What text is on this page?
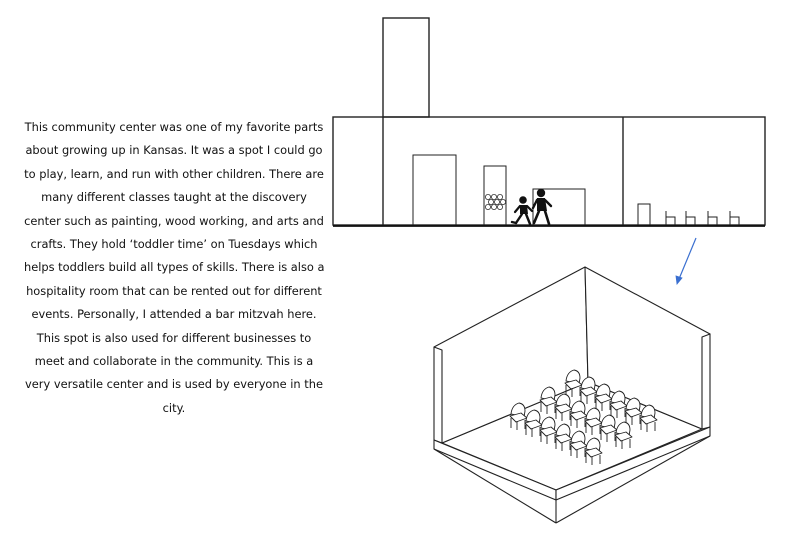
This community center was one of my favorite parts
about growing up in Kansas. It was a spot I could go
to play, learn, and run with other children. There are
many different classes taught at the discovery
center such as painting, wood working, and arts and
crafts. They hold ‘toddler time’ on Tuesdays which
helps toddlers build all types of skills. There is also a
hospitality room that can be rented out for different
events. Personally, I attended a bar mitzvah here.
This spot is also used for different businesses to
meet and collaborate in the community. This is a
very versatile center and is used by everyone in the
city.
